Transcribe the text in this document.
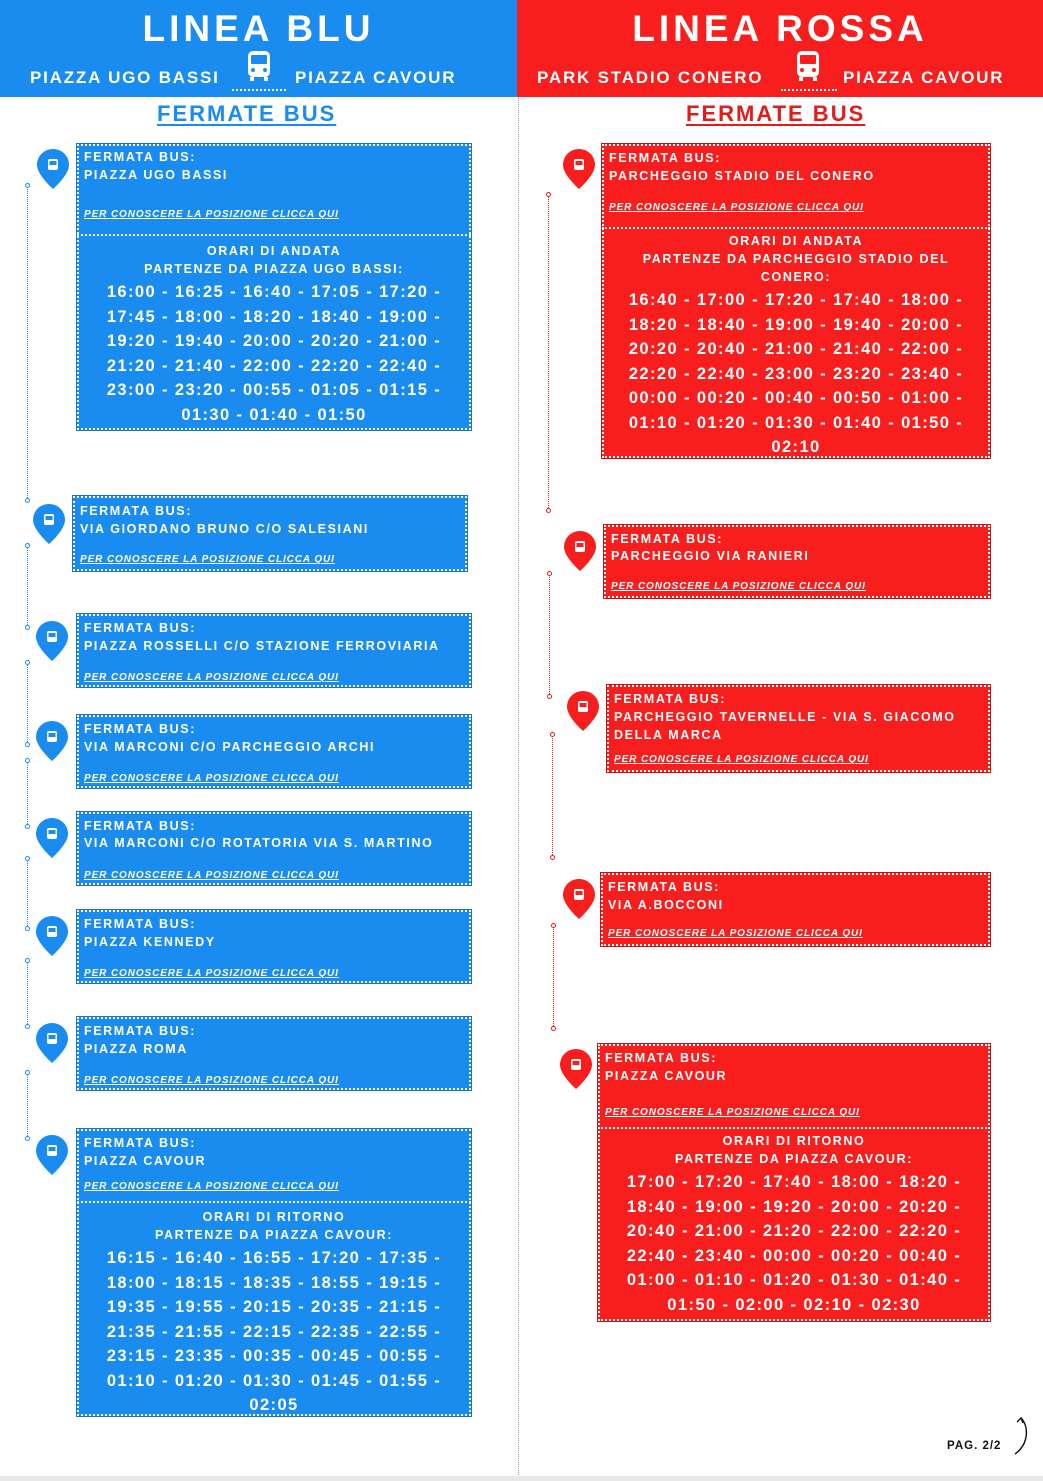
LINEA BLU
PIAZZA UGO BASSI	PIAZZA CAVOUR
LINEA ROSSA
PARK STADIO CONERO	PIAZZA CAVOUR
FERMATE BUS	FERMATE BUS
FERMATA BUS:
PIAZZA UGO BASSI
PER CONOSCERE LA POSIZIONE CLICCA QUI
ORARI DI ANDATA
PARTENZE DA PIAZZA UGO BASSI:
16:00 - 16:25 - 16:40 - 17:05 - 17:20 -
17:45 - 18:00 - 18:20 - 18:40 - 19:00 -
19:20 - 19:40 - 20:00 - 20:20 - 21:00 -
21:20 - 21:40 - 22:00 - 22:20 - 22:40 -
23:00 - 23:20 - 00:55 - 01:05 - 01:15 -
01:30 - 01:40 - 01:50
FERMATA BUS:
VIA GIORDANO BRUNO C/O SALESIANI
PER CONOSCERE LA POSIZIONE CLICCA QUI
FERMATA BUS:
PIAZZA ROSSELLI C/O STAZIONE FERROVIARIA
PER CONOSCERE LA POSIZIONE CLICCA QUI
FERMATA BUS:
VIA MARCONI C/O PARCHEGGIO ARCHI
PER CONOSCERE LA POSIZIONE CLICCA QUI
FERMATA BUS:
VIA MARCONI C/O ROTATORIA VIA S. MARTINO
PER CONOSCERE LA POSIZIONE CLICCA QUI
FERMATA BUS:
PIAZZA KENNEDY
PER CONOSCERE LA POSIZIONE CLICCA QUI
FERMATA BUS:
PIAZZA ROMA
PER CONOSCERE LA POSIZIONE CLICCA QUI
FERMATA BUS:
PIAZZA CAVOUR
PER CONOSCERE LA POSIZIONE CLICCA QUI
ORARI DI RITORNO
PARTENZE DA PIAZZA CAVOUR:
16:15 - 16:40 - 16:55 - 17:20 - 17:35 -
18:00 - 18:15 - 18:35 - 18:55 - 19:15 -
19:35 - 19:55 - 20:15 - 20:35 - 21:15 -
21:35 - 21:55 - 22:15 - 22:35 - 22:55 -
23:15 - 23:35 - 00:35 - 00:45 - 00:55 -
01:10 - 01:20 - 01:30 - 01:45 - 01:55 -
02:05
FERMATA BUS:
PARCHEGGIO STADIO DEL CONERO
PER CONOSCERE LA POSIZIONE CLICCA QUI
ORARI DI ANDATA
PARTENZE DA PARCHEGGIO STADIO DEL CONERO:
16:40 - 17:00 - 17:20 - 17:40 - 18:00 -
18:20 - 18:40 - 19:00 - 19:40 - 20:00 -
20:20 - 20:40 - 21:00 - 21:40 - 22:00 -
22:20 - 22:40 - 23:00 - 23:20 - 23:40 -
00:00 - 00:20 - 00:40 - 00:50 - 01:00 -
01:10 - 01:20 - 01:30 - 01:40 - 01:50 -
02:10
FERMATA BUS:
PARCHEGGIO VIA RANIERI
PER CONOSCERE LA POSIZIONE CLICCA QUI
FERMATA BUS:
PARCHEGGIO TAVERNELLE - VIA S. GIACOMO DELLA MARCA
PER CONOSCERE LA POSIZIONE CLICCA QUI
FERMATA BUS:
VIA A.BOCCONI
PER CONOSCERE LA POSIZIONE CLICCA QUI
FERMATA BUS:
PIAZZA CAVOUR
PER CONOSCERE LA POSIZIONE CLICCA QUI
ORARI DI RITORNO
PARTENZE DA PIAZZA CAVOUR:
17:00 - 17:20 - 17:40 - 18:00 - 18:20 -
18:40 - 19:00 - 19:20 - 20:00 - 20:20 -
20:40 - 21:00 - 21:20 - 22:00 - 22:20 -
22:40 - 23:40 - 00:00 - 00:20 - 00:40 -
01:00 - 01:10 - 01:20 - 01:30 - 01:40 -
01:50 - 02:00 - 02:10 - 02:30
PAG. 2/2
